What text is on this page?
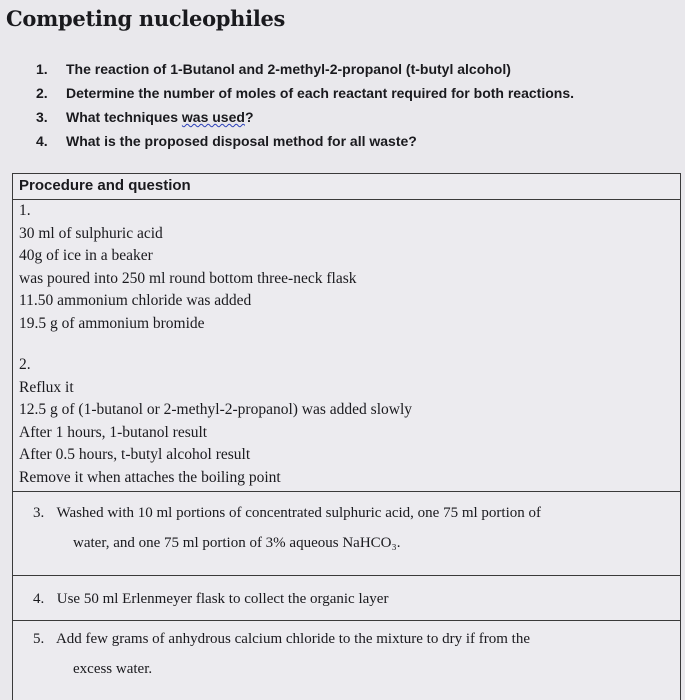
Competing nucleophiles
1. The reaction of 1-Butanol and 2-methyl-2-propanol (t-butyl alcohol)
2. Determine the number of moles of each reactant required for both reactions.
3. What techniques was used?
4. What is the proposed disposal method for all waste?
Procedure and question
1.
30 ml of sulphuric acid
40g of ice in a beaker
was poured into 250 ml round bottom three-neck flask
11.50 ammonium chloride was added
19.5 g of ammonium bromide
2.
Reflux it
12.5 g of (1-butanol or 2-methyl-2-propanol) was added slowly
After 1 hours, 1-butanol result
After 0.5 hours, t-butyl alcohol result
Remove it when attaches the boiling point
3. Washed with 10 ml portions of concentrated sulphuric acid, one 75 ml portion of
water, and one 75 ml portion of 3% aqueous NaHCO₃.
4. Use 50 ml Erlenmeyer flask to collect the organic layer
5. Add few grams of anhydrous calcium chloride to the mixture to dry if from the
excess water.
